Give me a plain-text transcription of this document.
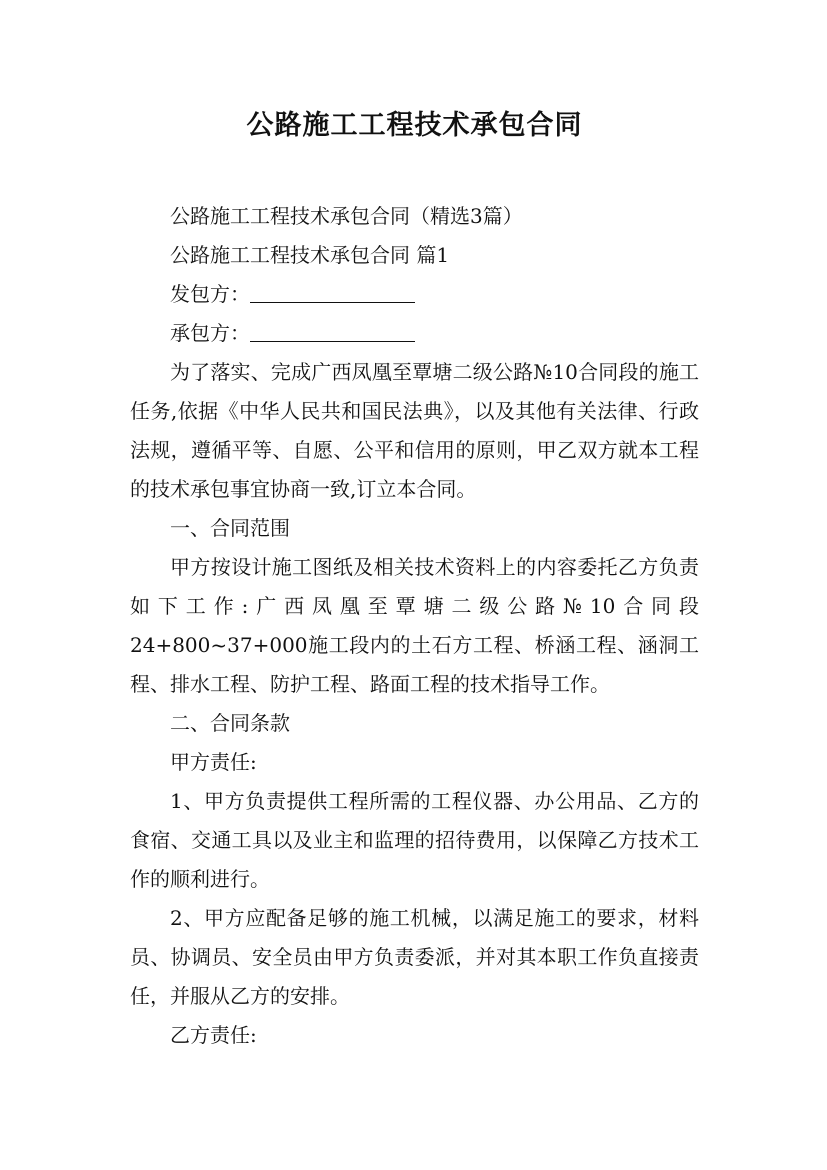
公路施工工程技术承包合同

公路施工工程技术承包合同（精选3篇）

公路施工工程技术承包合同 篇1

发包方：

承包方：

为了落实、完成广西凤凰至覃塘二级公路№10合同段的施工任务,依据《中华人民共和国民法典》，以及其他有关法律、行政法规，遵循平等、自愿、公平和信用的原则，甲乙双方就本工程的技术承包事宜协商一致,订立本合同。

一、合同范围

甲方按设计施工图纸及相关技术资料上的内容委托乙方负责如下工作:广西凤凰至覃塘二级公路№10合同段24+800~37+000施工段内的土石方工程、桥涵工程、涵洞工程、排水工程、防护工程、路面工程的技术指导工作。

二、合同条款

甲方责任:

1、甲方负责提供工程所需的工程仪器、办公用品、乙方的食宿、交通工具以及业主和监理的招待费用，以保障乙方技术工作的顺利进行。

2、甲方应配备足够的施工机械，以满足施工的要求，材料员、协调员、安全员由甲方负责委派，并对其本职工作负直接责任，并服从乙方的安排。

乙方责任:
